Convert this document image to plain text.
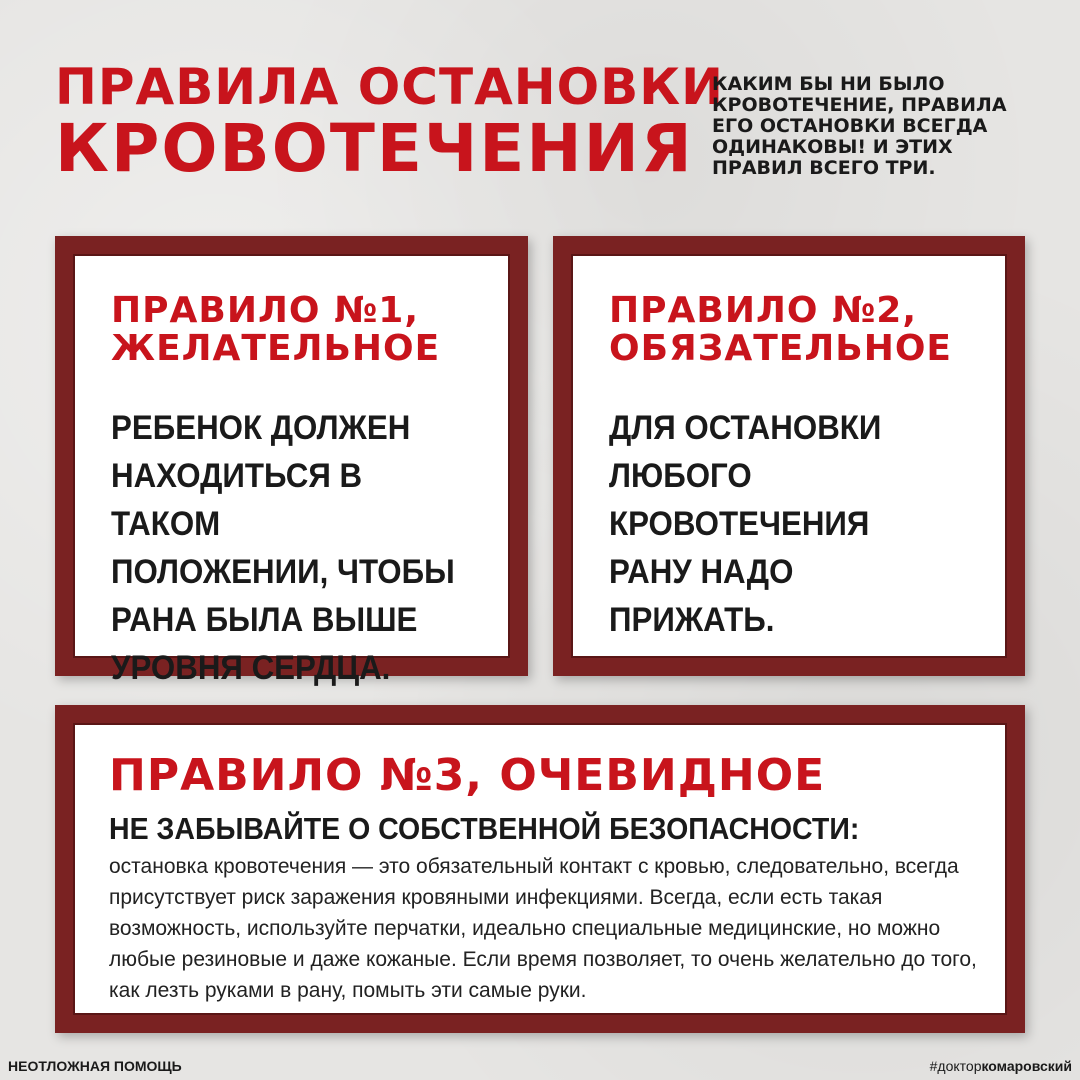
ПРАВИЛА ОСТАНОВКИ
КРОВОТЕЧЕНИЯ

КАКИМ БЫ НИ БЫЛО КРОВОТЕЧЕНИЕ, ПРАВИЛА ЕГО ОСТАНОВКИ ВСЕГДА ОДИНАКОВЫ! И ЭТИХ ПРАВИЛ ВСЕГО ТРИ.

ПРАВИЛО №1,
ЖЕЛАТЕЛЬНОЕ

РЕБЕНОК ДОЛЖЕН
НАХОДИТЬСЯ В ТАКОМ
ПОЛОЖЕНИИ, ЧТОБЫ
РАНА БЫЛА ВЫШЕ
УРОВНЯ СЕРДЦА.

ПРАВИЛО №2,
ОБЯЗАТЕЛЬНОЕ

ДЛЯ ОСТАНОВКИ
ЛЮБОГО
КРОВОТЕЧЕНИЯ
РАНУ НАДО
ПРИЖАТЬ.

ПРАВИЛО №3, ОЧЕВИДНОЕ

НЕ ЗАБЫВАЙТЕ О СОБСТВЕННОЙ БЕЗОПАСНОСТИ:

остановка кровотечения — это обязательный контакт с кровью, следовательно, всегда присутствует риск заражения кровяными инфекциями. Всегда, если есть такая возможность, используйте перчатки, идеально специальные медицинские, но можно любые резиновые и даже кожаные. Если время позволяет, то очень желательно до того, как лезть руками в рану, помыть эти самые руки.

НЕОТЛОЖНАЯ ПОМОЩЬ	#докторкомаровский
